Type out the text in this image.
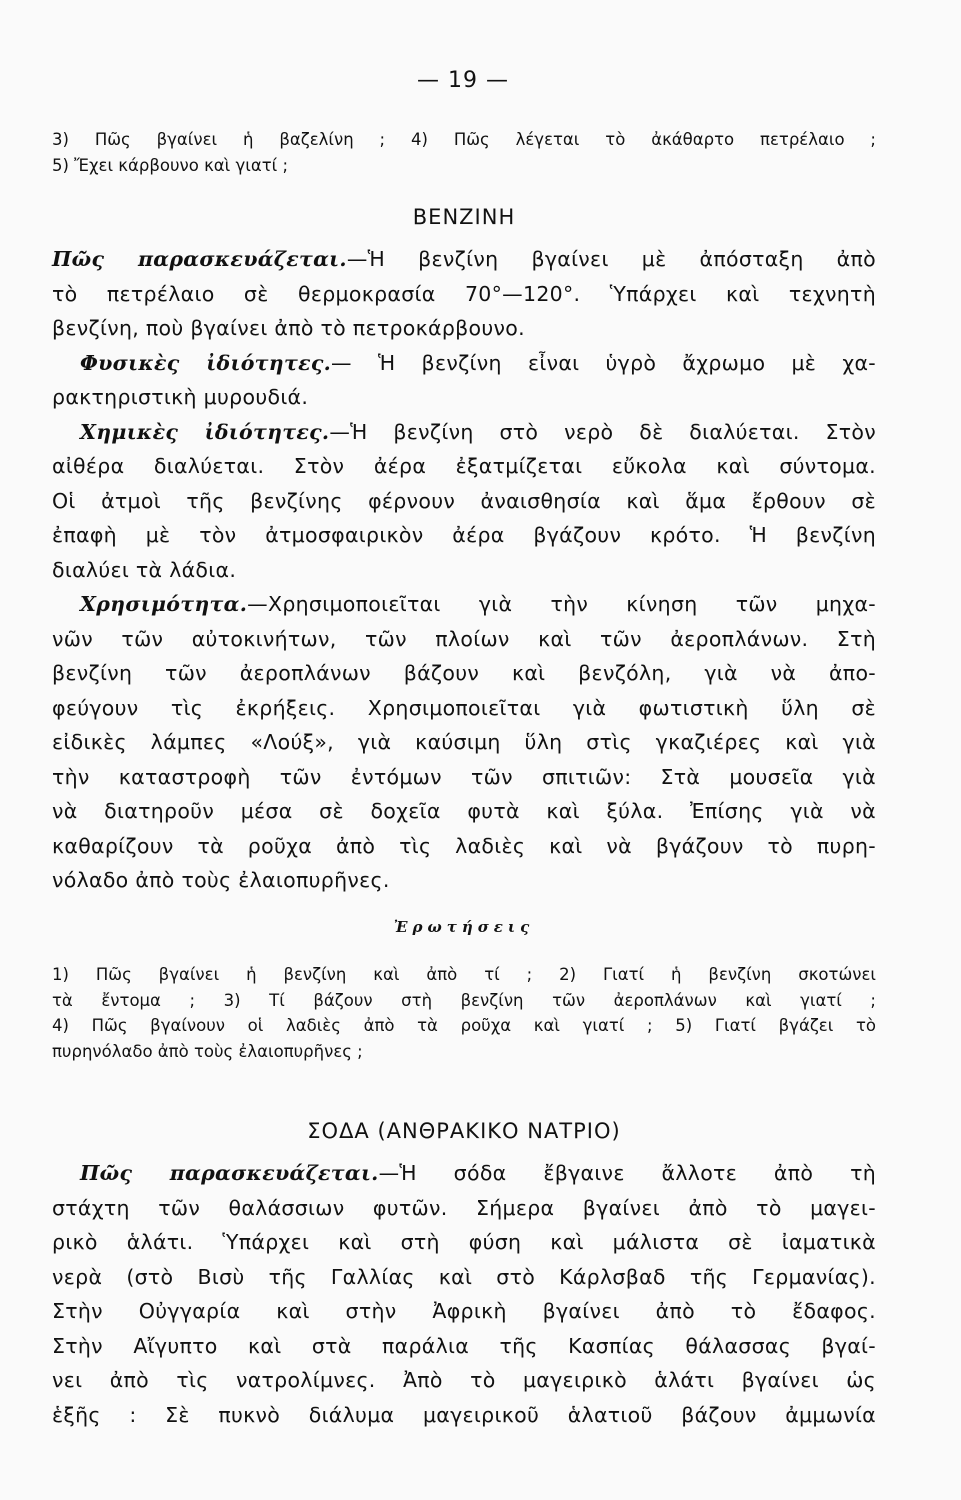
— 19 —
3) Πῶς βγαίνει ἡ βαζελίνη ; 4) Πῶς λέγεται τὸ ἀκάθαρτο πετρέλαιο ;
5) Ἔχει κάρβουνο καὶ γιατί ;
ΒΕΝΖΙΝΗ
Πῶς παρασκευάζεται.—Ἡ βενζίνη βγαίνει μὲ ἀπόσταξη ἀπὸ
τὸ πετρέλαιο σὲ θερμοκρασία 70°—120°. Ὑπάρχει καὶ τεχνητὴ
βενζίνη, ποὺ βγαίνει ἀπὸ τὸ πετροκάρβουνο.
Φυσικὲς ἰδιότητες.— Ἡ βενζίνη εἶναι ὑγρὸ ἄχρωμο μὲ χα-
ρακτηριστικὴ μυρουδιά.
Χημικὲς ἰδιότητες.—Ἡ βενζίνη στὸ νερὸ δὲ διαλύεται. Στὸν
αἰθέρα διαλύεται. Στὸν ἀέρα ἐξατμίζεται εὔκολα καὶ σύντομα.
Οἱ ἀτμοὶ τῆς βενζίνης φέρνουν ἀναισθησία καὶ ἅμα ἔρθουν σὲ
ἐπαφὴ μὲ τὸν ἀτμοσφαιρικὸν ἀέρα βγάζουν κρότο. Ἡ βενζίνη
διαλύει τὰ λάδια.
Χρησιμότητα.—Χρησιμοποιεῖται γιὰ τὴν κίνηση τῶν μηχα-
νῶν τῶν αὐτοκινήτων, τῶν πλοίων καὶ τῶν ἀεροπλάνων. Στὴ
βενζίνη τῶν ἀεροπλάνων βάζουν καὶ βενζόλη, γιὰ νὰ ἀπο-
φεύγουν τὶς ἐκρήξεις. Χρησιμοποιεῖται γιὰ φωτιστικὴ ὕλη σὲ
εἰδικὲς λάμπες «Λούξ», γιὰ καύσιμη ὕλη στὶς γκαζιέρες καὶ γιὰ
τὴν καταστροφὴ τῶν ἐντόμων τῶν σπιτιῶν: Στὰ μουσεῖα γιὰ
νὰ διατηροῦν μέσα σὲ δοχεῖα φυτὰ καὶ ξύλα. Ἐπίσης γιὰ νὰ
καθαρίζουν τὰ ροῦχα ἀπὸ τὶς λαδιὲς καὶ νὰ βγάζουν τὸ πυρη-
νόλαδο ἀπὸ τοὺς ἐλαιοπυρῆνες.
Ἐρωτήσεις
1) Πῶς βγαίνει ἡ βενζίνη καὶ ἀπὸ τί ; 2) Γιατί ἡ βενζίνη σκοτώνει
τὰ ἔντομα ; 3) Τί βάζουν στὴ βενζίνη τῶν ἀεροπλάνων καὶ γιατί ;
4) Πῶς βγαίνουν οἱ λαδιὲς ἀπὸ τὰ ροῦχα καὶ γιατί ; 5) Γιατί βγάζει τὸ
πυρηνόλαδο ἀπὸ τοὺς ἐλαιοπυρῆνες ;
ΣΟΔΑ (ΑΝΘΡΑΚΙΚΟ ΝΑΤΡΙΟ)
Πῶς παρασκευάζεται.—Ἡ σόδα ἔβγαινε ἄλλοτε ἀπὸ τὴ
στάχτη τῶν θαλάσσιων φυτῶν. Σήμερα βγαίνει ἀπὸ τὸ μαγει-
ρικὸ ἁλάτι. Ὑπάρχει καὶ στὴ φύση καὶ μάλιστα σὲ ἰαματικὰ
νερὰ (στὸ Βισὺ τῆς Γαλλίας καὶ στὸ Κάρλσβαδ τῆς Γερμανίας).
Στὴν Οὐγγαρία καὶ στὴν Ἀφρικὴ βγαίνει ἀπὸ τὸ ἔδαφος.
Στὴν Αἴγυπτο καὶ στὰ παράλια τῆς Κασπίας θάλασσας βγαί-
νει ἀπὸ τὶς νατρολίμνες. Ἀπὸ τὸ μαγειρικὸ ἁλάτι βγαίνει ὡς
ἑξῆς : Σὲ πυκνὸ διάλυμα μαγειρικοῦ ἁλατιοῦ βάζουν ἀμμωνία
